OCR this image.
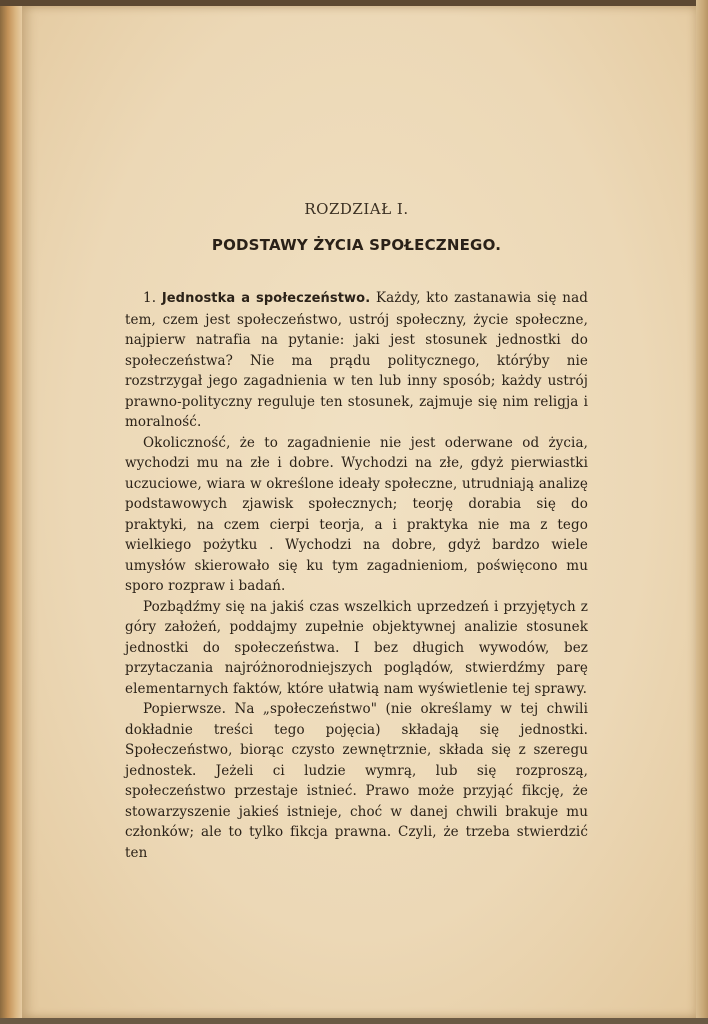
ROZDZIAŁ I.
PODSTAWY ŻYCIA SPOŁECZNEGO.

1. Jednostka a społeczeństwo. Każdy, kto zastanawia się nad tem, czem jest społeczeństwo, ustrój społeczny, życie społeczne, najpierw natrafia na pytanie: jaki jest stosunek jednostki do społeczeństwa? Nie ma prądu politycznego, którýby nie rozstrzygał jego zagadnienia w ten lub inny sposób; każdy ustrój prawno-polityczny reguluje ten stosunek, zajmuje się nim religja i moralność.

Okoliczność, że to zagadnienie nie jest oderwane od życia, wychodzi mu na złe i dobre. Wychodzi na złe, gdyż pierwiastki uczuciowe, wiara w określone ideały społeczne, utrudniają analizę podstawowych zjawisk społecznych; teorję dorabia się do praktyki, na czem cierpi teorja, a i praktyka nie ma z tego wielkiego pożytku . Wychodzi na dobre, gdyż bardzo wiele umysłów skierowało się ku tym zagadnieniom, poświęcono mu sporo rozpraw i badań.

Pozbądźmy się na jakiś czas wszelkich uprzedzeń i przyjętych z góry założeń, poddajmy zupełnie objektywnej analizie stosunek jednostki do społeczeństwa. I bez długich wywodów, bez przytaczania najróżnorodniejszych poglądów, stwierdźmy parę elementarnych faktów, które ułatwią nam wyświetlenie tej sprawy.

Popierwsze. Na „społeczeństwo" (nie określamy w tej chwili dokładnie treści tego pojęcia) składają się jednostki. Społeczeństwo, biorąc czysto zewnętrznie, składa się z szeregu jednostek. Jeżeli ci ludzie wymrą, lub się rozproszą, społeczeństwo przestaje istnieć. Prawo może przyjąć fikcję, że stowarzyszenie jakieś istnieje, choć w danej chwili brakuje mu członków; ale to tylko fikcja prawna. Czyli, że trzeba stwierdzić ten
